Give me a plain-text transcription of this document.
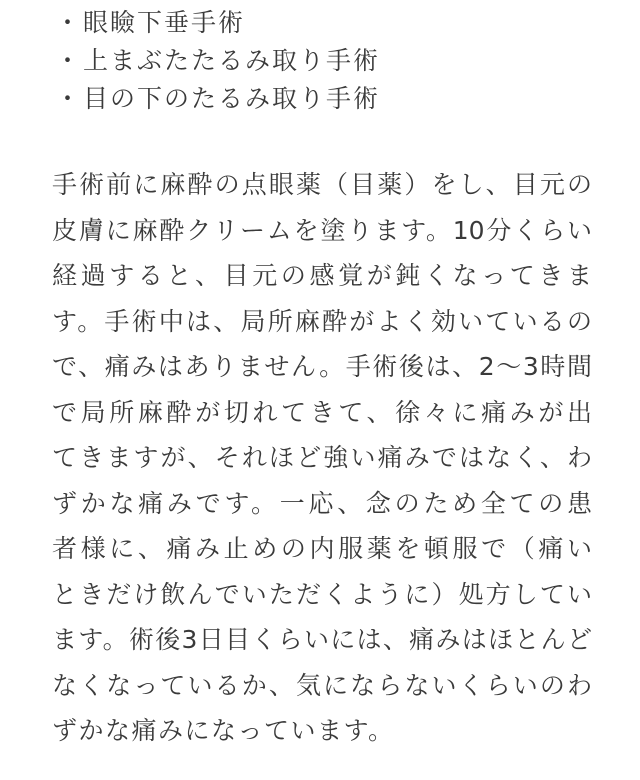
・眼瞼下垂手術
・上まぶたたるみ取り手術
・目の下のたるみ取り手術

手術前に麻酔の点眼薬（目薬）をし、目元の
皮膚に麻酔クリームを塗ります。10分くらい
経過すると、目元の感覚が鈍くなってきま
す。手術中は、局所麻酔がよく効いているの
で、痛みはありません。手術後は、2〜3時間
で局所麻酔が切れてきて、徐々に痛みが出
てきますが、それほど強い痛みではなく、わ
ずかな痛みです。一応、念のため全ての患
者様に、痛み止めの内服薬を頓服で（痛い
ときだけ飲んでいただくように）処方してい
ます。術後3日目くらいには、痛みはほとんど
なくなっているか、気にならないくらいのわ
ずかな痛みになっています。
